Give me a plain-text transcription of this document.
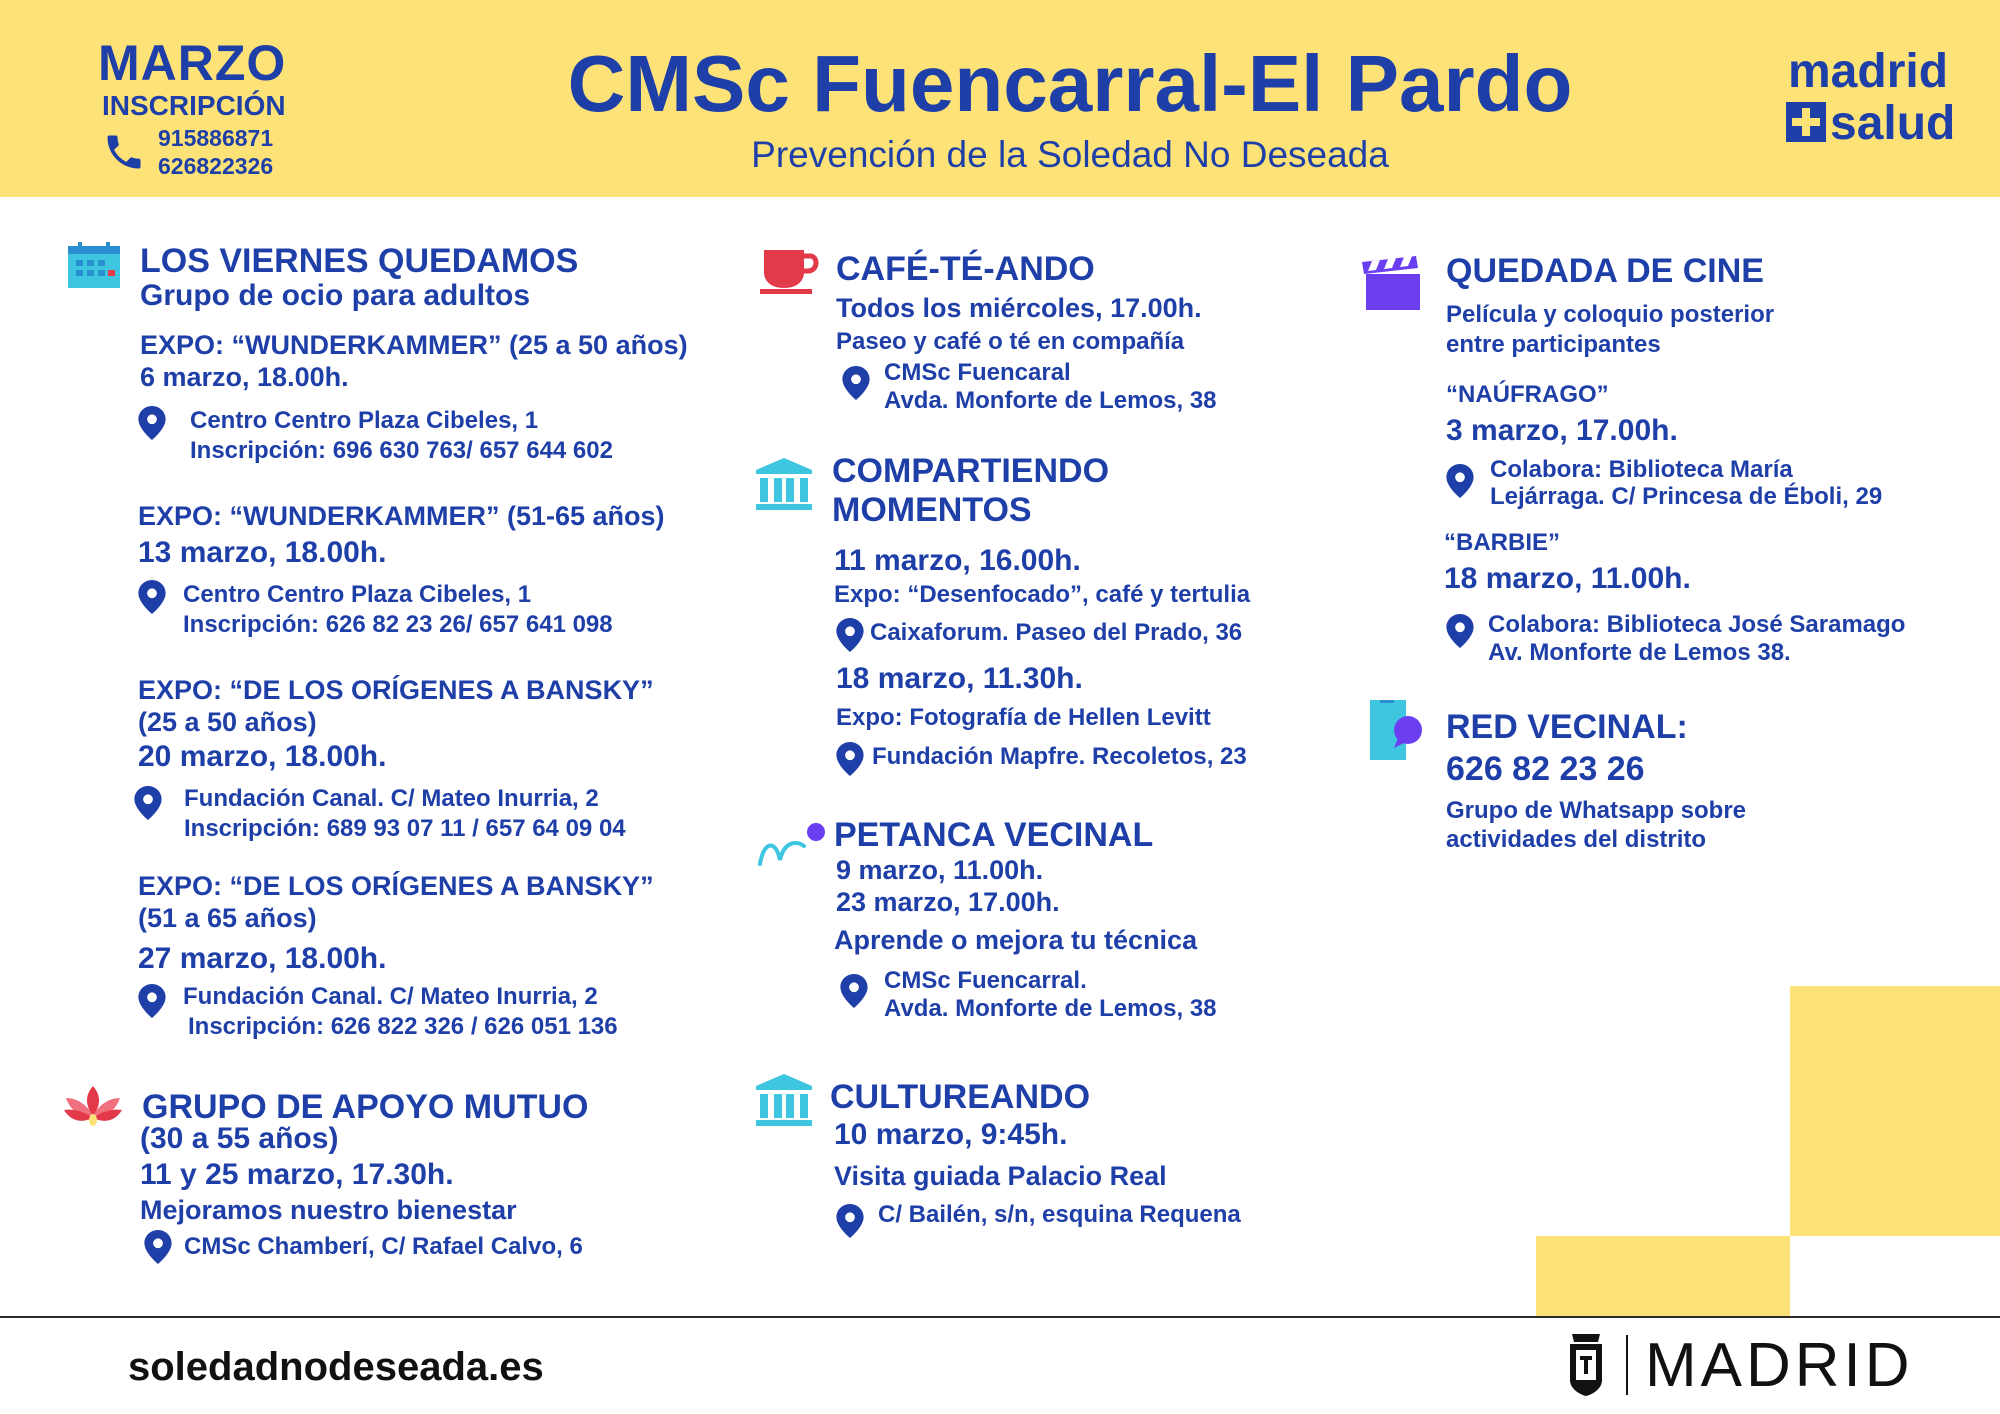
MARZO
INSCRIPCIÓN
915886871
626822326
CMSc Fuencarral-El Pardo
Prevención de la Soledad No Deseada
madrid
salud
LOS VIERNES QUEDAMOS
Grupo de ocio para adultos
EXPO: “WUNDERKAMMER” (25 a 50 años)
6 marzo, 18.00h.
Centro Centro Plaza Cibeles, 1
Inscripción: 696 630 763/ 657 644 602
EXPO: “WUNDERKAMMER” (51-65 años)
13 marzo, 18.00h.
Centro Centro Plaza Cibeles, 1
Inscripción: 626 82 23 26/ 657 641 098
EXPO: “DE LOS ORÍGENES A BANSKY”
(25 a 50 años)
20 marzo, 18.00h.
Fundación Canal. C/ Mateo Inurria, 2
Inscripción: 689 93 07 11 / 657 64 09 04
EXPO: “DE LOS ORÍGENES A BANSKY”
(51 a 65 años)
27 marzo, 18.00h.
Fundación Canal. C/ Mateo Inurria, 2
Inscripción: 626 822 326 / 626 051 136
GRUPO DE APOYO MUTUO
(30 a 55 años)
11 y 25 marzo, 17.30h.
Mejoramos nuestro bienestar
CMSc Chamberí, C/ Rafael Calvo, 6
CAFÉ-TÉ-ANDO
Todos los miércoles, 17.00h.
Paseo y café o té en compañía
CMSc Fuencaral
Avda. Monforte de Lemos, 38
COMPARTIENDO
MOMENTOS
11 marzo, 16.00h.
Expo: “Desenfocado”, café y tertulia
Caixaforum. Paseo del Prado, 36
18 marzo, 11.30h.
Expo: Fotografía de Hellen Levitt
Fundación Mapfre. Recoletos, 23
PETANCA VECINAL
9 marzo, 11.00h.
23 marzo, 17.00h.
Aprende o mejora tu técnica
CMSc Fuencarral.
Avda. Monforte de Lemos, 38
CULTUREANDO
10 marzo, 9:45h.
Visita guiada Palacio Real
C/ Bailén, s/n, esquina Requena
QUEDADA DE CINE
Película y coloquio posterior
entre participantes
“NAÚFRAGO”
3 marzo, 17.00h.
Colabora: Biblioteca María
Lejárraga. C/ Princesa de Éboli, 29
“BARBIE”
18 marzo, 11.00h.
Colabora: Biblioteca José Saramago
Av. Monforte de Lemos 38.
RED VECINAL:
626 82 23 26
Grupo de Whatsapp sobre
actividades del distrito
soledadnodeseada.es	MADRID
